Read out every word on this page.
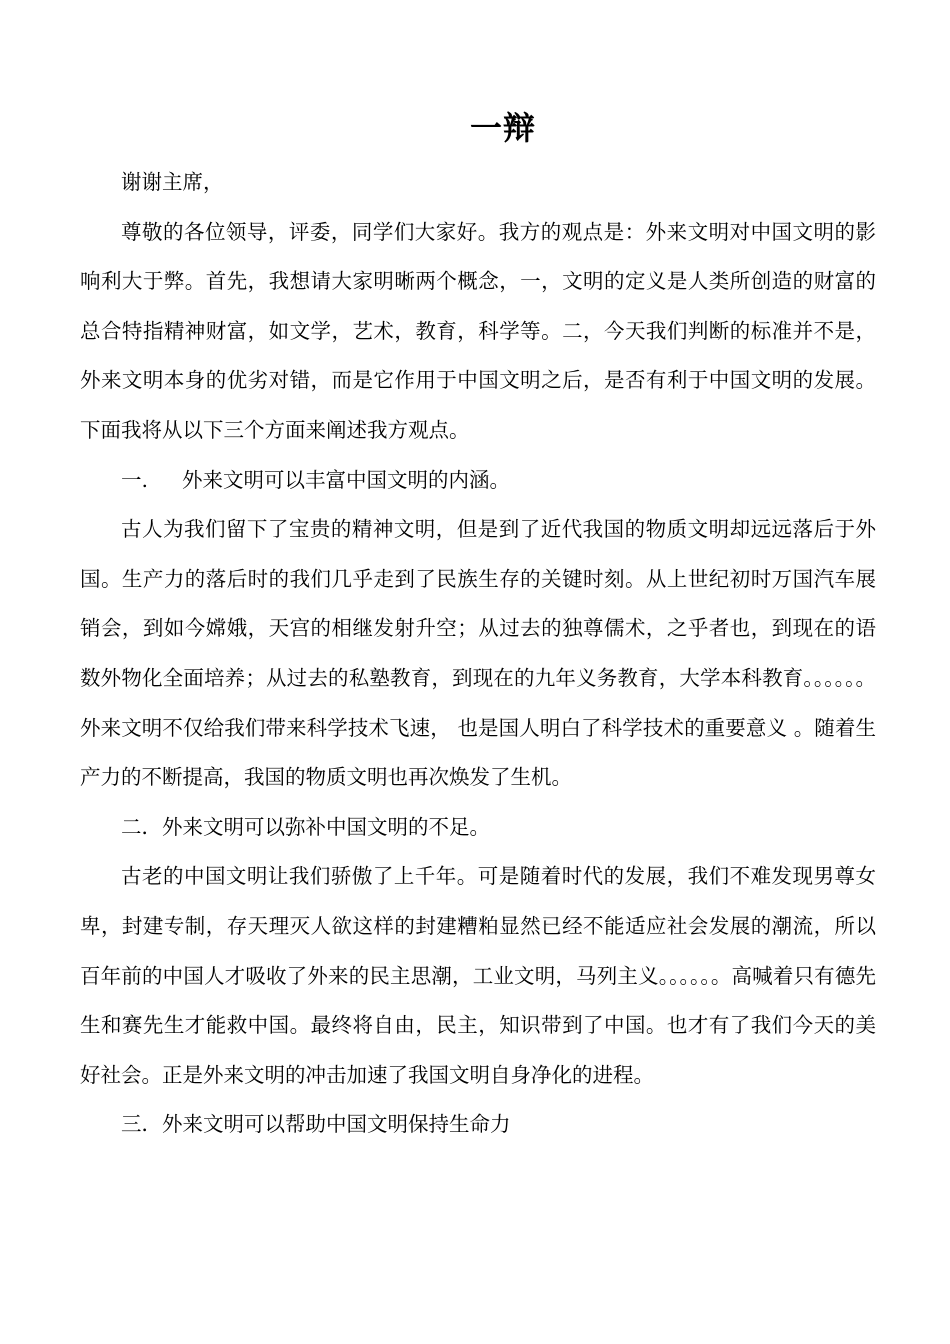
一辩

谢谢主席，

尊敬的各位领导，评委，同学们大家好。我方的观点是：外来文明对中国文明的影响利大于弊。首先，我想请大家明晰两个概念，一，文明的定义是人类所创造的财富的总合特指精神财富，如文学，艺术，教育，科学等。二，今天我们判断的标准并不是，外来文明本身的优劣对错，而是它作用于中国文明之后，是否有利于中国文明的发展。下面我将从以下三个方面来阐述我方观点。

一. 外来文明可以丰富中国文明的内涵。

古人为我们留下了宝贵的精神文明，但是到了近代我国的物质文明却远远落后于外国。生产力的落后时的我们几乎走到了民族生存的关键时刻。从上世纪初时万国汽车展销会，到如今嫦娥，天宫的相继发射升空；从过去的独尊儒术，之乎者也，到现在的语数外物化全面培养；从过去的私塾教育，到现在的九年义务教育，大学本科教育。。。。。。外来文明不仅给我们带来科学技术飞速， 也是国人明白了科学技术的重要意义 。随着生产力的不断提高，我国的物质文明也再次焕发了生机。

二．外来文明可以弥补中国文明的不足。

古老的中国文明让我们骄傲了上千年。可是随着时代的发展，我们不难发现男尊女卑，封建专制，存天理灭人欲这样的封建糟粕显然已经不能适应社会发展的潮流，所以百年前的中国人才吸收了外来的民主思潮，工业文明，马列主义。。。。。。高喊着只有德先生和赛先生才能救中国。最终将自由，民主，知识带到了中国。也才有了我们今天的美好社会。正是外来文明的冲击加速了我国文明自身净化的进程。

三．外来文明可以帮助中国文明保持生命力
